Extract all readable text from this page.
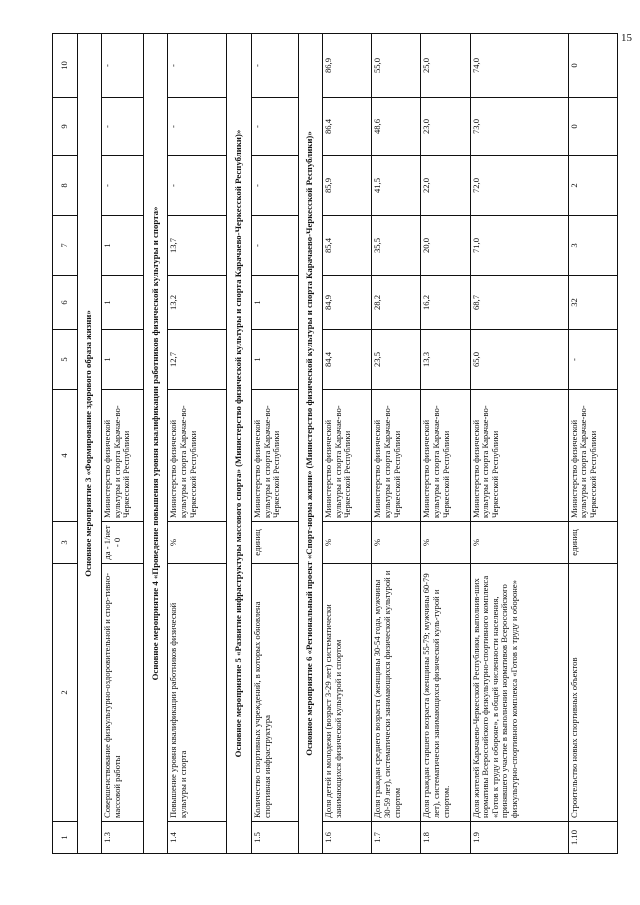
15
1	2	3	4	5	6	7	8	9	10
Основное мероприятие 3 «Формирование здорового образа жизни»									
1.3	Совершенствование физкультурно-оздоровительной и спор-тивно-массовой работы	да - 1/нет - 0	Министерство физической культуры и спорта Карачае-во-Черкесской Республики	1	1	1	-	-	-
Основное мероприятие 4 «Проведение повышения уровня квалификации работников физической культуры и спорта»									
1.4	Повышение уровня квалификации работников физической культуры и спорта	%	Министерство физической культуры и спорта Карачае-во-Черкесской Республики	12,7	13,2	13,7	-	-	-
Основное мероприятие 5 «Развитие инфраструктуры массового спорта» (Министерство физической культуры и спорта Карачаево-Черкесской Республики)»									
1.5	Количество спортивных учреждений, в которых обновлена спортивная инфраструктура	единиц	Министерство физической культуры и спорта Карачае-во-Черкесской Республики	1	1	-	-	-	-
Основное мероприятие 6 «Региональный проект «Спорт-норма жизни» (Министерство физической культуры и спорта Карачаево-Черкесской Республики)»									
1.6	Доля детей и молодежи (возраст 3-29 лет) систематически занимающихся физической культурой и спортом	%	Министерство физической культуры и спорта Карачае-во-Черкесской Республики	84,4	84,9	85,4	85,9	86,4	86,9
1.7	Доля граждан среднего возраста (женщины 30-54 года, мужчины 30-59 лет), систематически занимающихся физической культурой и спортом	%	Министерство физической культуры и спорта Карачае-во-Черкесской Республики	23,5	28,2	35,5	41,5	48,6	55,0
1.8	Доля граждан старшего возраста (женщины 55-79; мужчины 60-79 лет), систематически занимающихся физической куль-турой и спортом.	%	Министерство физической культуры и спорта Карачае-во-Черкесской Республики	13,3	16,2	20,0	22,0	23,0	25,0
1.9	Доля жителей Карачаево-Черкесской Республики, выполнив-ших нормативы Всероссийского физкультурно-спортивного комплекса «Готов к труду и обороне», в общей численности населения, принявшего участие в выполнении нормативов Всероссийского физкультурно-спортивного комплекса «Готов к труду и обороне»	%	Министерство физической культуры и спорта Карачае-во-Черкесской Республики	65,0	68,7	71,0	72,0	73,0	74,0
1.10	Строительство новых спортивных объектов	единиц	Министерство физической культуры и спорта Карачае-во-Черкесской Республики	-	32	3	2	0	0
